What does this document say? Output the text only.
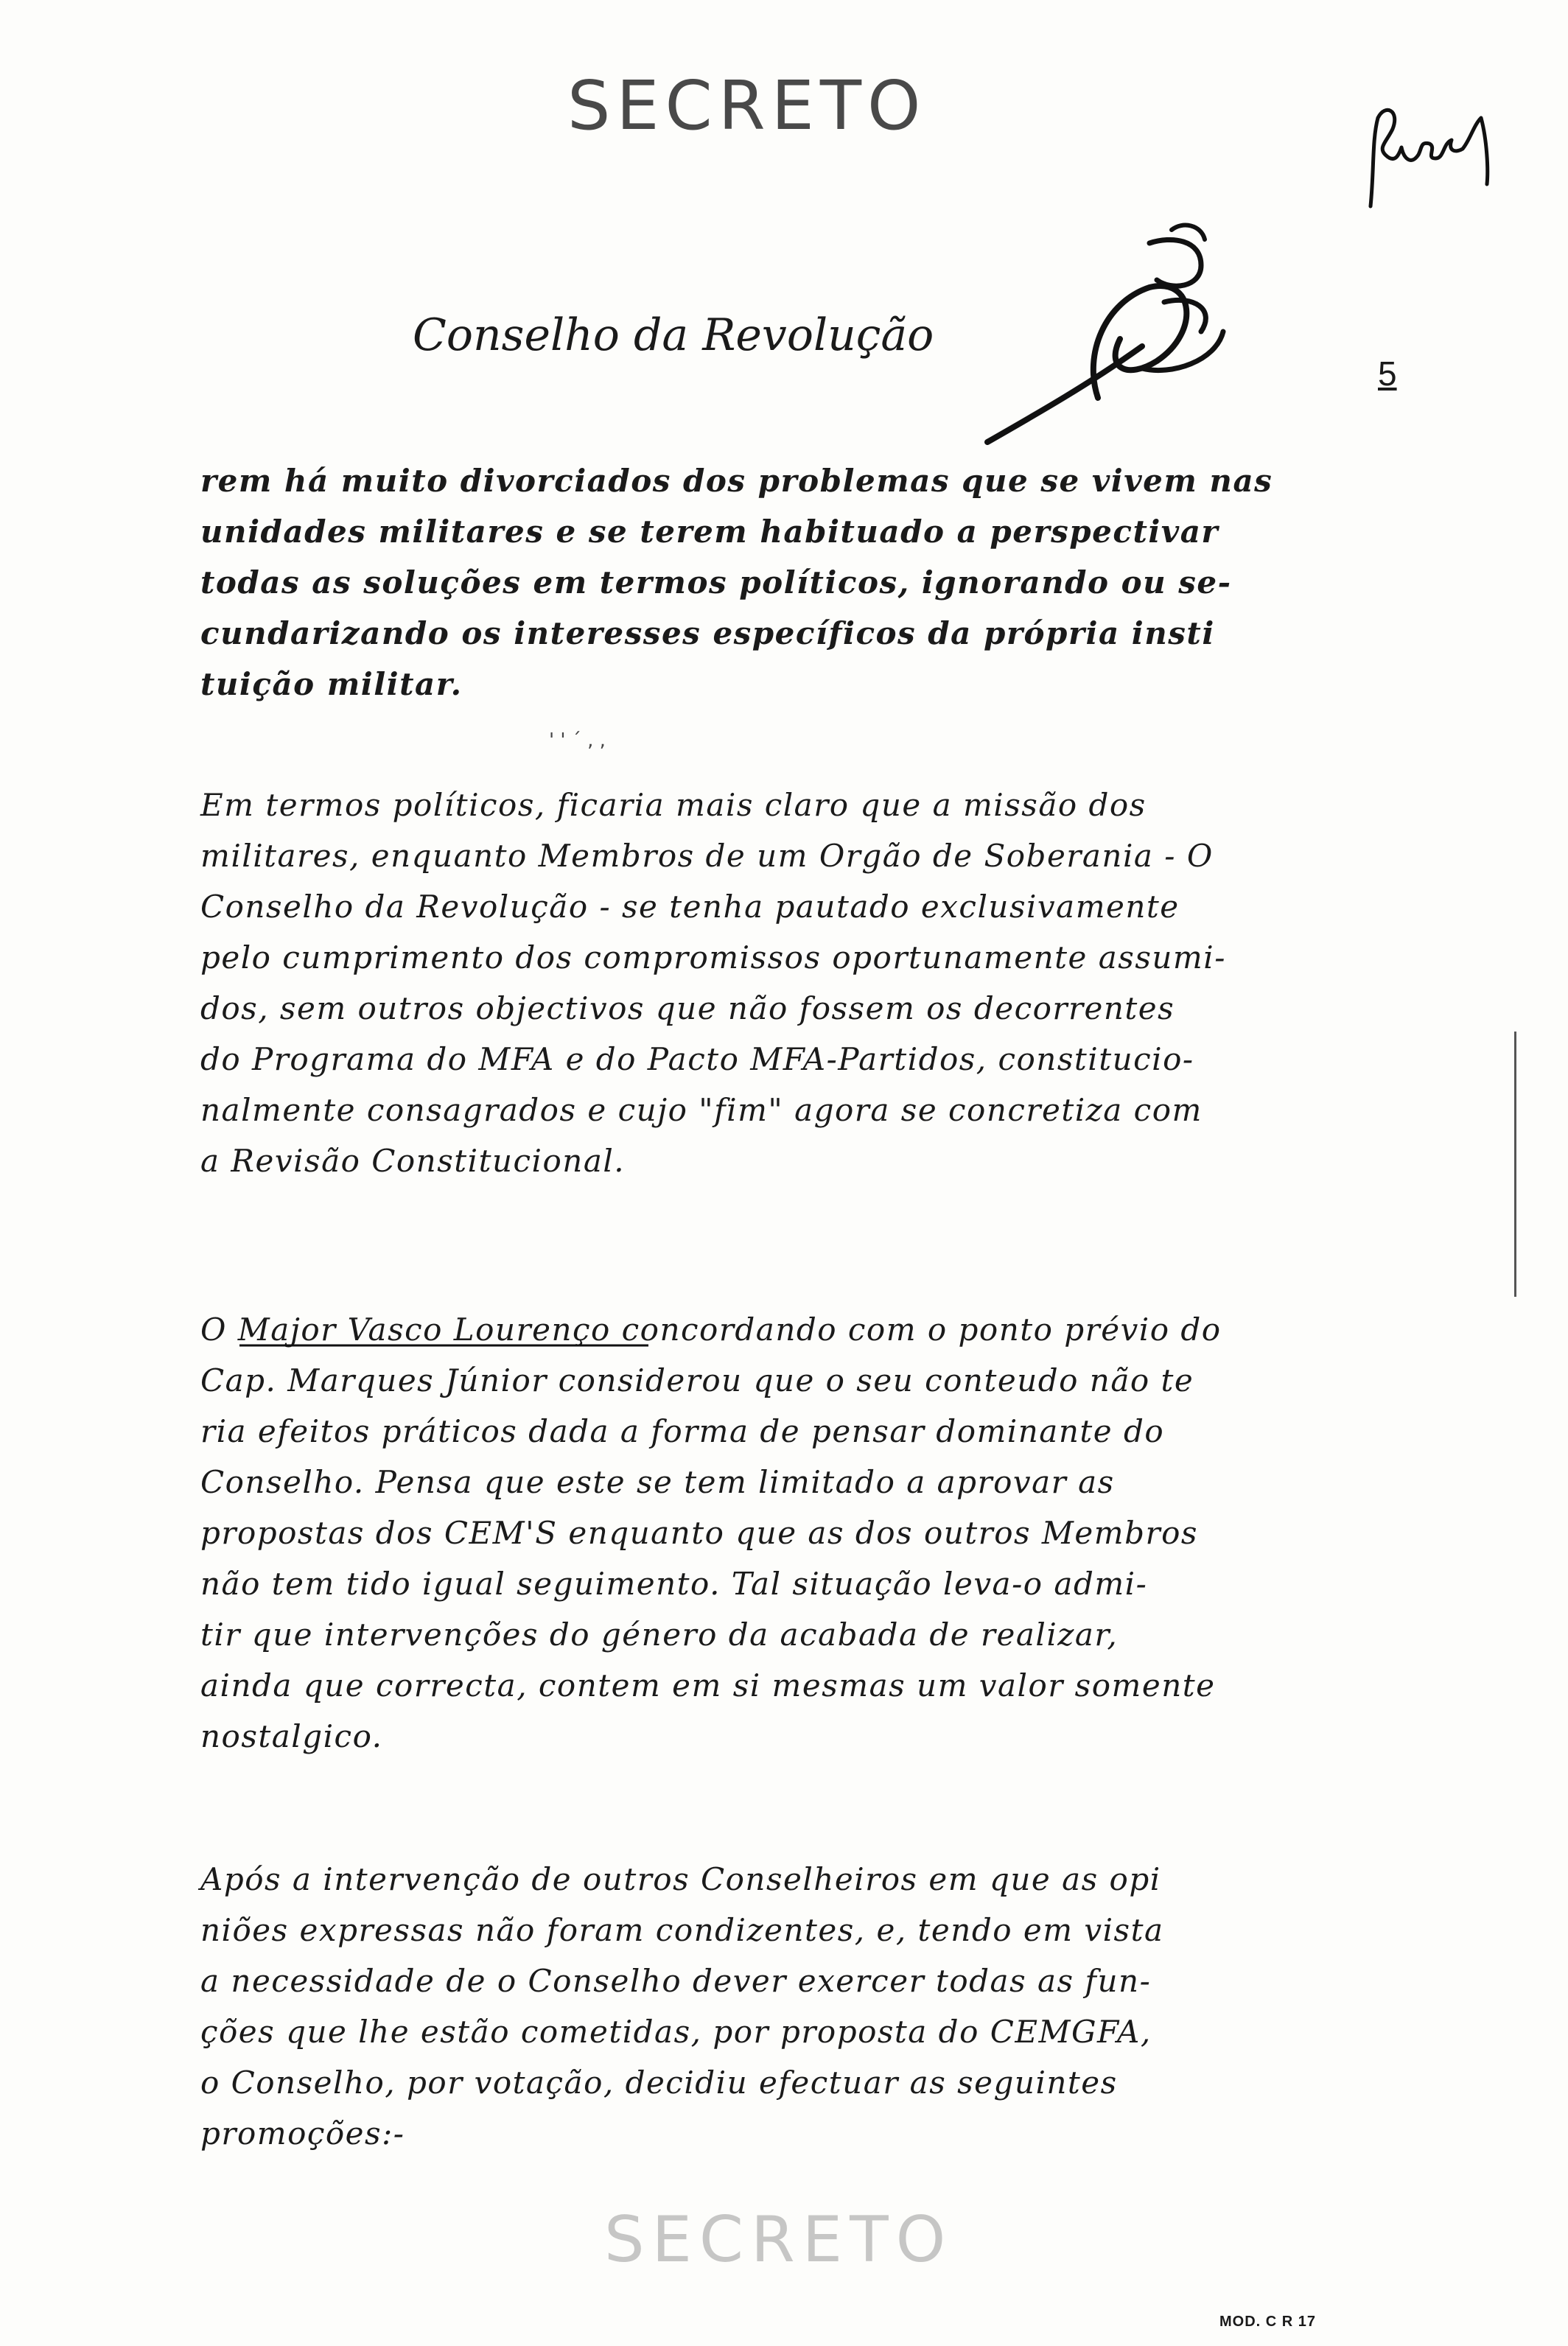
SECRETO
Conselho da Revolução
5
rem há muito divorciados dos problemas que se vivem nas
unidades militares e se terem habituado a perspectivar
todas as soluções em termos políticos, ignorando ou se-
cundarizando os interesses específicos da própria insti
tuição militar.
' ' ´ , ,
Em termos políticos, ficaria mais claro que a missão dos
militares, enquanto Membros de um Orgão de Soberania - O
Conselho da Revolução - se tenha pautado exclusivamente
pelo cumprimento dos compromissos oportunamente assumi-
dos, sem outros objectivos que não fossem os decorrentes
do Programa do MFA e do Pacto MFA-Partidos, constitucio-
nalmente consagrados e cujo "fim" agora se concretiza com
a Revisão Constitucional.
O Major Vasco Lourenço concordando com o ponto prévio do
Cap. Marques Júnior considerou que o seu conteudo não te
ria efeitos práticos dada a forma de pensar dominante do
Conselho. Pensa que este se tem limitado a aprovar as
propostas dos CEM'S enquanto que as dos outros Membros
não tem tido igual seguimento. Tal situação leva-o admi-
tir que intervenções do género da acabada de realizar,
ainda que correcta, contem em si mesmas um valor somente
nostalgico.
Após a intervenção de outros Conselheiros em que as opi
niões expressas não foram condizentes, e, tendo em vista
a necessidade de o Conselho dever exercer todas as fun-
ções que lhe estão cometidas, por proposta do CEMGFA,
o Conselho, por votação, decidiu efectuar as seguintes
promoções:-
SECRETO
MOD. C R 17
